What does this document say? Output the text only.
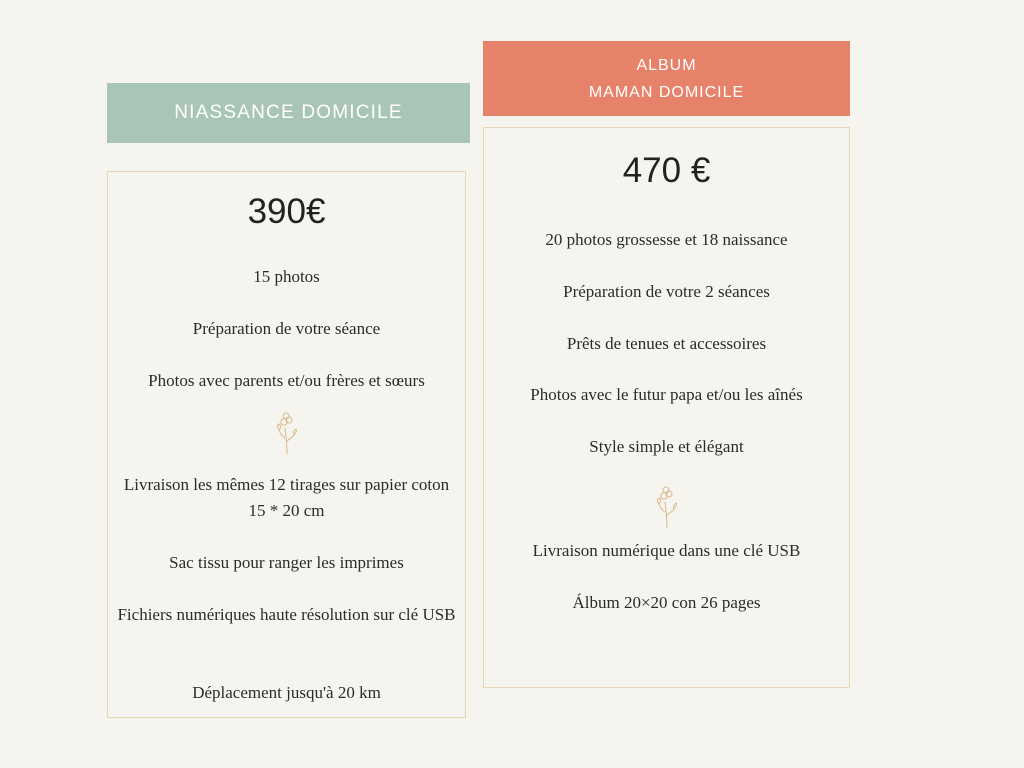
NIASSANCE DOMICILE
ALBUM
MAMAN DOMICILE
390€
15 photos
Préparation de votre séance
Photos avec parents et/ou frères et sœurs
Livraison les mêmes 12 tirages sur papier coton 15 * 20 cm
Sac tissu pour ranger les imprimes
Fichiers numériques haute résolution sur clé USB
Déplacement jusqu'à 20 km
470 €
20 photos grossesse et 18 naissance
Préparation de votre 2 séances
Prêts de tenues et accessoires
Photos avec le futur papa et/ou les aînés
Style simple et élégant
Livraison numérique dans une clé USB
Álbum 20×20 con 26 pages
